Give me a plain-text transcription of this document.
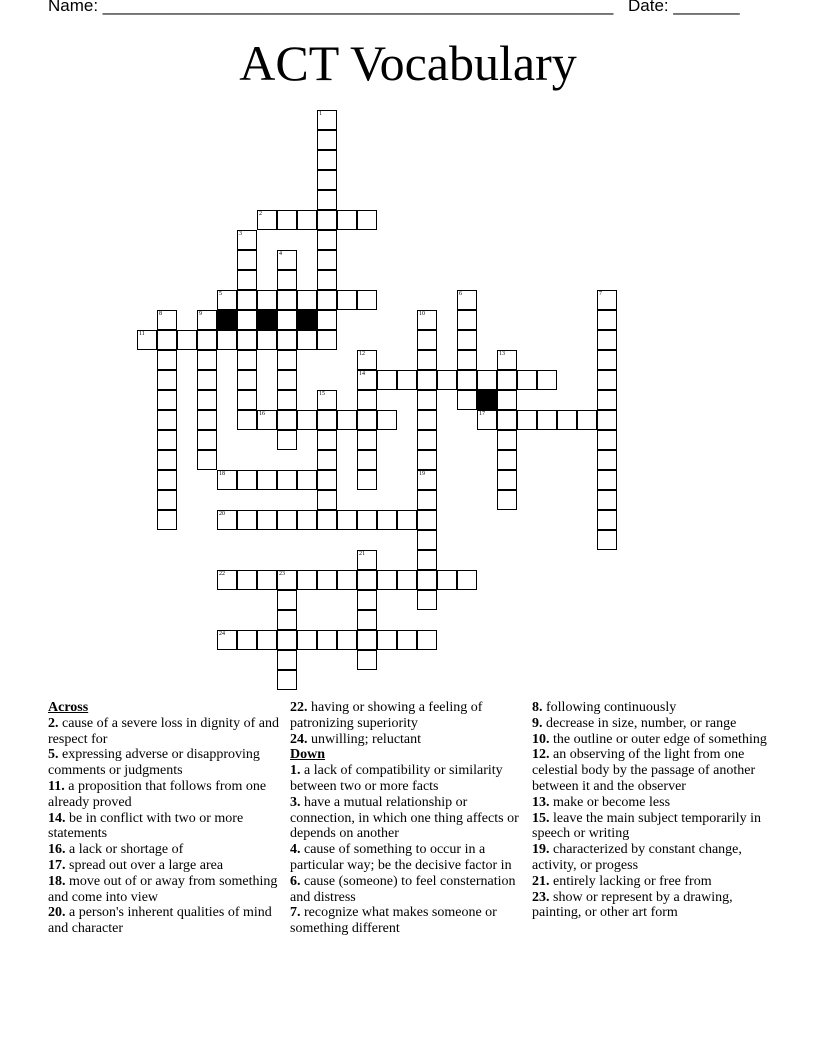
Name: ______________________________________________________ Date: _______
ACT Vocabulary
1
2
3
4
5	6	7
8	9	10
11
12
14
13
15
16	17
18	19
20
21
22	23
24
Across
2. cause of a severe loss in dignity of and respect for
5. expressing adverse or disapproving comments or judgments
11. a proposition that follows from one already proved
14. be in conflict with two or more statements
16. a lack or shortage of
17. spread out over a large area
18. move out of or away from something and come into view
20. a person's inherent qualities of mind and character
22. having or showing a feeling of patronizing superiority
24. unwilling; reluctant
Down
1. a lack of compatibility or similarity between two or more facts
3. have a mutual relationship or connection, in which one thing affects or depends on another
4. cause of something to occur in a particular way; be the decisive factor in
6. cause (someone) to feel consternation and distress
7. recognize what makes someone or something different
8. following continuously
9. decrease in size, number, or range
10. the outline or outer edge of something
12. an observing of the light from one celestial body by the passage of another between it and the observer
13. make or become less
15. leave the main subject temporarily in speech or writing
19. characterized by constant change, activity, or progess
21. entirely lacking or free from
23. show or represent by a drawing, painting, or other art form
